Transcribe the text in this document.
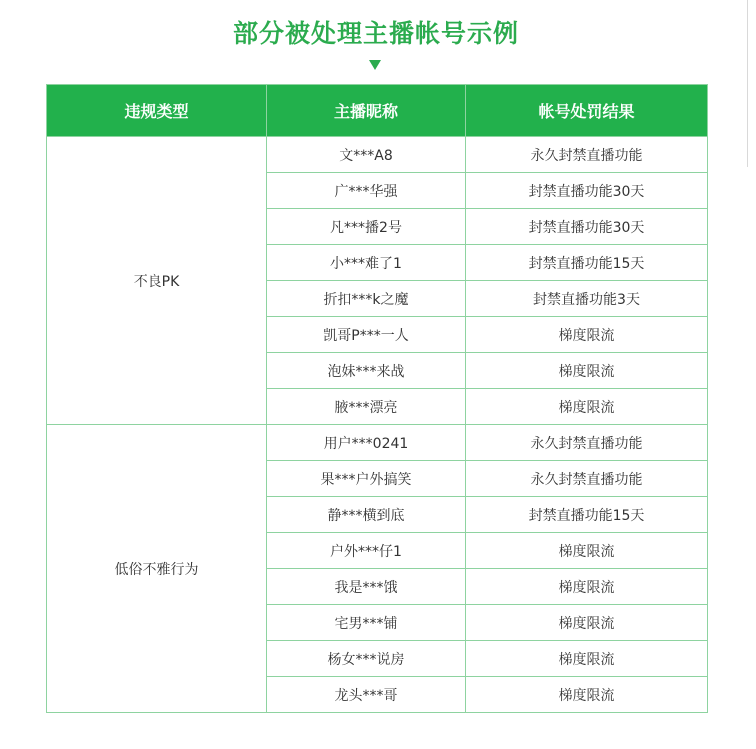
部分被处理主播帐号示例
违规类型	主播昵称	帐号处罚结果
不良PK	文***A8	永久封禁直播功能
	广***华强	封禁直播功能30天
	凡***播2号	封禁直播功能30天
	小***难了1	封禁直播功能15天
	折扣***k之魔	封禁直播功能3天
	凯哥P***一人	梯度限流
	泡妹***来战	梯度限流
	腋***漂亮	梯度限流
低俗不雅行为	用户***0241	永久封禁直播功能
	果***户外搞笑	永久封禁直播功能
	静***横到底	封禁直播功能15天
	户外***仔1	梯度限流
	我是***饿	梯度限流
	宅男***铺	梯度限流
	杨女***说房	梯度限流
	龙头***哥	梯度限流
